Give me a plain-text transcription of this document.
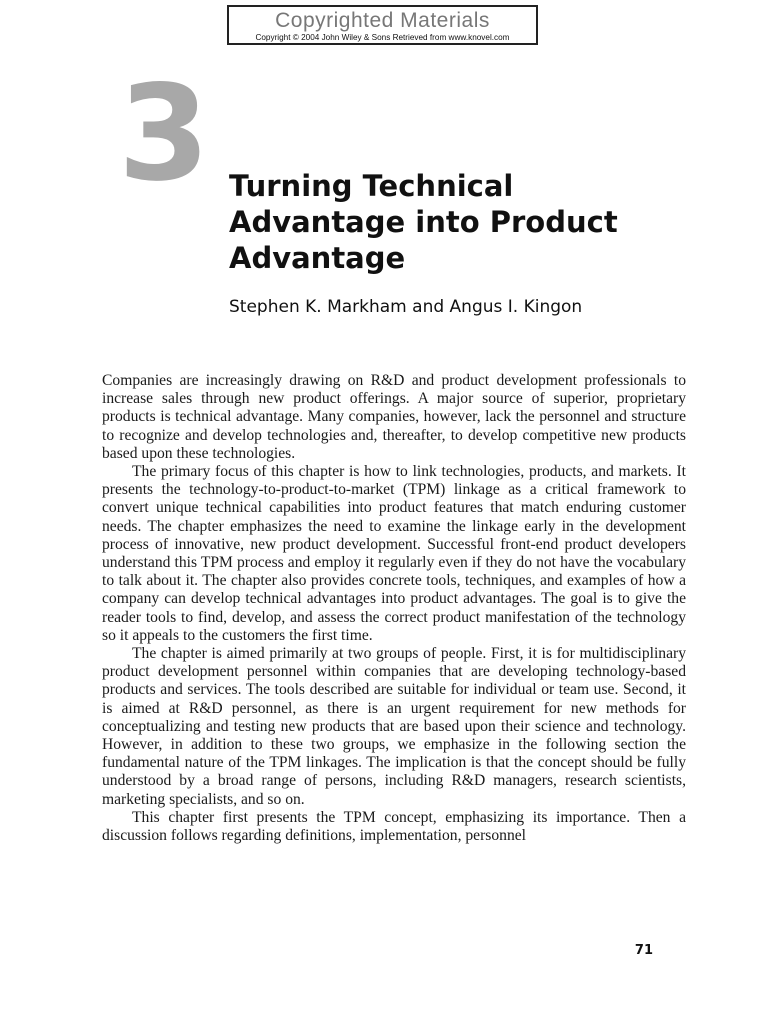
Copyrighted Materials
Copyright © 2004 John Wiley & Sons Retrieved from www.knovel.com
3 Turning Technical
Advantage into Product
Advantage
Stephen K. Markham and Angus I. Kingon

Companies are increasingly drawing on R&D and product development professionals to increase sales through new product offerings. A major source of superior, proprietary products is technical advantage. Many companies, however, lack the personnel and structure to recognize and develop technologies and, thereafter, to develop competitive new products based upon these technologies.

The primary focus of this chapter is how to link technologies, products, and markets. It presents the technology-to-product-to-market (TPM) linkage as a critical framework to convert unique technical capabilities into product features that match enduring customer needs. The chapter emphasizes the need to examine the linkage early in the development process of innovative, new product development. Successful front-end product developers understand this TPM process and employ it regularly even if they do not have the vocabulary to talk about it. The chapter also provides concrete tools, techniques, and examples of how a company can develop technical advantages into product advantages. The goal is to give the reader tools to find, develop, and assess the correct product manifestation of the technology so it appeals to the customers the first time.

The chapter is aimed primarily at two groups of people. First, it is for multidisciplinary product development personnel within companies that are developing technology-based products and services. The tools described are suitable for individual or team use. Second, it is aimed at R&D personnel, as there is an urgent requirement for new methods for conceptualizing and testing new products that are based upon their science and technology. However, in addition to these two groups, we emphasize in the following section the fundamental nature of the TPM linkages. The implication is that the concept should be fully understood by a broad range of persons, including R&D managers, research scientists, marketing specialists, and so on.

This chapter first presents the TPM concept, emphasizing its importance. Then a discussion follows regarding definitions, implementation, personnel

71
